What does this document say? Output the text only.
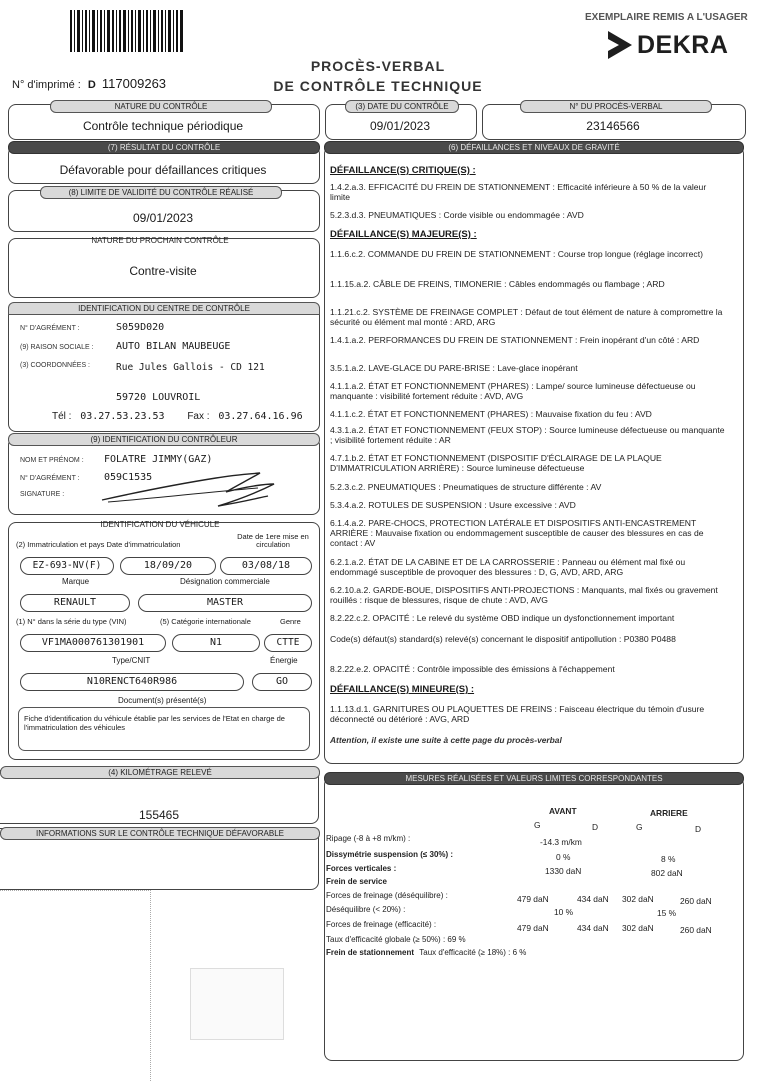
EXEMPLAIRE REMIS A L'USAGER
DEKRA
PROCÈS-VERBAL
DE CONTRÔLE TECHNIQUE
N° d'imprimé : D 117009263
NATURE DU CONTRÔLE
Contrôle technique périodique
(3) DATE DU CONTRÔLE
09/01/2023
N° DU PROCÈS-VERBAL
23146566
(7) RÉSULTAT DU CONTRÔLE
Défavorable pour défaillances critiques
(8) LIMITE DE VALIDITÉ DU CONTRÔLE RÉALISÉ
09/01/2023
NATURE DU PROCHAIN CONTRÔLE
Contre-visite
IDENTIFICATION DU CENTRE DE CONTRÔLE
N° D'AGRÉMENT :	S059D020
(9) RAISON SOCIALE : AUTO BILAN MAUBEUGE
(3) COORDONNÉES :	Rue Jules Gallois - CD 121
59720 LOUVROIL
Tél : 03.27.53.23.53 Fax : 03.27.64.16.96
(9) IDENTIFICATION DU CONTRÔLEUR
NOM ET PRÉNOM : FOLATRE JIMMY(GAZ)
N° D'AGRÉMENT : 059C1535
SIGNATURE :
IDENTIFICATION DU VÉHICULE
(2) Immatriculation et pays Date d'immatriculation
Date de 1ere mise en circulation
EZ-693-NV(F)	18/09/20	03/08/18
Marque	Désignation commerciale
RENAULT	MASTER
(1) N° dans la série du type (VIN)	(5) Catégorie internationale	Genre
VF1MA000761301901	N1	CTTE
Type/CNIT	Énergie
N10RENCT640R986	GO
Document(s) présenté(s)
Fiche d'identification du véhicule établie par les services de l'Etat en charge de l'immatriculation des véhicules
(4) KILOMÉTRAGE RELEVÉ
155465
INFORMATIONS SUR LE CONTRÔLE TECHNIQUE DÉFAVORABLE
(6) DÉFAILLANCES ET NIVEAUX DE GRAVITÉ
DÉFAILLANCE(S) CRITIQUE(S) :
1.4.2.a.3. EFFICACITÉ DU FREIN DE STATIONNEMENT : Efficacité inférieure à 50 % de la valeur limite
5.2.3.d.3. PNEUMATIQUES : Corde visible ou endommagée : AVD
DÉFAILLANCE(S) MAJEURE(S) :
1.1.6.c.2. COMMANDE DU FREIN DE STATIONNEMENT : Course trop longue (réglage incorrect)
1.1.15.a.2. CÂBLE DE FREINS, TIMONERIE : Câbles endommagés ou flambage ; ARD
1.1.21.c.2. SYSTÈME DE FREINAGE COMPLET : Défaut de tout élément de nature à compromettre la sécurité ou élément mal monté : ARD, ARG
1.4.1.a.2. PERFORMANCES DU FREIN DE STATIONNEMENT : Frein inopérant d'un côté : ARD
3.5.1.a.2. LAVE-GLACE DU PARE-BRISE : Lave-glace inopérant
4.1.1.a.2. ÉTAT ET FONCTIONNEMENT (PHARES) : Lampe/ source lumineuse défectueuse ou manquante : visibilité fortement réduite : AVD, AVG
4.1.1.c.2. ÉTAT ET FONCTIONNEMENT (PHARES) : Mauvaise fixation du feu : AVD
4.3.1.a.2. ÉTAT ET FONCTIONNEMENT (FEUX STOP) : Source lumineuse défectueuse ou manquante ; visibilité fortement réduite : AR
4.7.1.b.2. ÉTAT ET FONCTIONNEMENT (DISPOSITIF D'ÉCLAIRAGE DE LA PLAQUE D'IMMATRICULATION ARRIÈRE) : Source lumineuse défectueuse
5.2.3.c.2. PNEUMATIQUES : Pneumatiques de structure différente : AV
5.3.4.a.2. ROTULES DE SUSPENSION : Usure excessive : AVD
6.1.4.a.2. PARE-CHOCS, PROTECTION LATÉRALE ET DISPOSITIFS ANTI-ENCASTREMENT ARRIÈRE : Mauvaise fixation ou endommagement susceptible de causer des blessures en cas de contact : AV
6.2.1.a.2. ÉTAT DE LA CABINE ET DE LA CARROSSERIE : Panneau ou élément mal fixé ou endommagé susceptible de provoquer des blessures : D, G, AVD, ARD, ARG
6.2.10.a.2. GARDE-BOUE, DISPOSITIFS ANTI-PROJECTIONS : Manquants, mal fixés ou gravement rouillés : risque de blessures, risque de chute : AVD, AVG
8.2.22.c.2. OPACITÉ : Le relevé du système OBD indique un dysfonctionnement important
Code(s) défaut(s) standard(s) relevé(s) concernant le dispositif antipollution : P0380 P0488
8.2.22.e.2. OPACITÉ : Contrôle impossible des émissions à l'échappement
DÉFAILLANCE(S) MINEURE(S) :
1.1.13.d.1. GARNITURES OU PLAQUETTES DE FREINS : Faisceau électrique du témoin d'usure déconnecté ou détérioré : AVG, ARD
Attention, il existe une suite à cette page du procès-verbal
MESURES RÉALISÉES ET VALEURS LIMITES CORRESPONDANTES
AVANT	ARRIERE
G	D	G	D
Ripage (-8 à +8 m/km) :	-14.3 m/km
Dissymétrie suspension (≤ 30%) :	0 %	8 %
Forces verticales :	1330 daN	802 daN
Frein de service
Forces de freinage (déséquilibre) :	479 daN	434 daN 302 daN	260 daN
Déséquilibre (< 20%) :	10 %	15 %
Forces de freinage (efficacité) :	479 daN	434 daN 302 daN	260 daN
Taux d'efficacité globale (≥ 50%) : 69 %
Frein de stationnement Taux d'efficacité (≥ 18%) : 6 %
